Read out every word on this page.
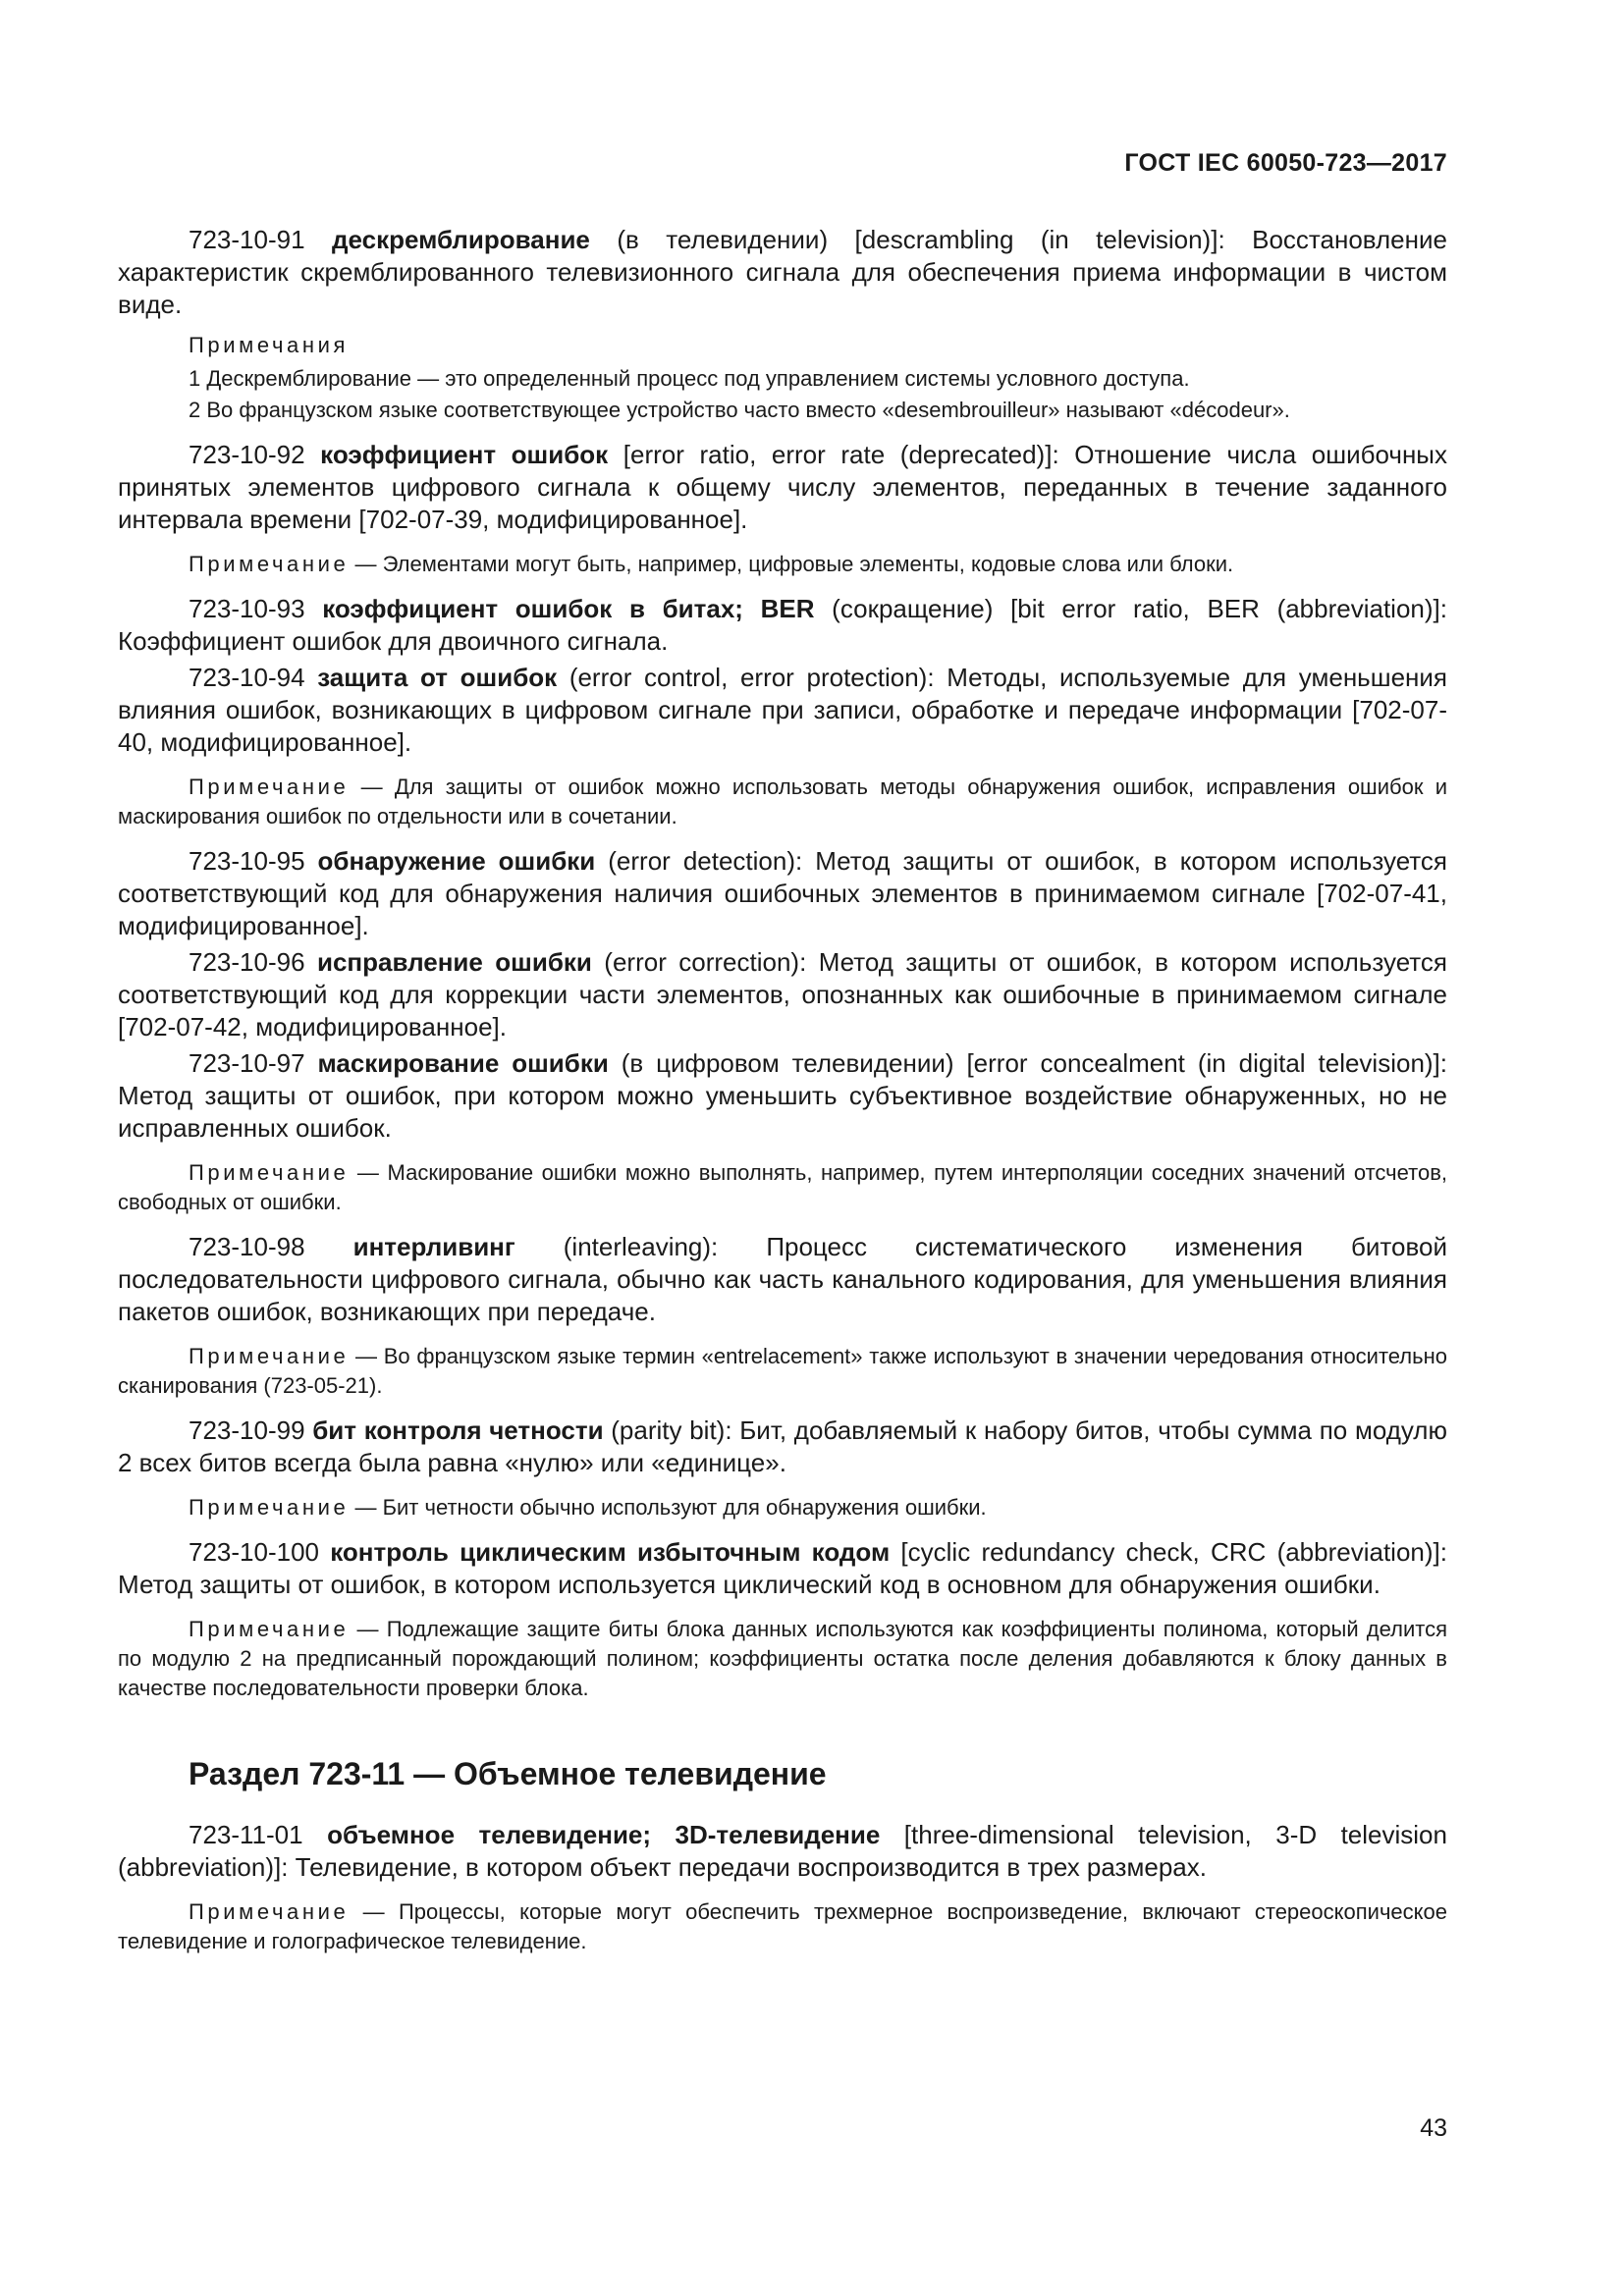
ГОСТ IEC 60050-723—2017

723-10-91 дескремблирование (в телевидении) [descrambling (in television)]: Восстановление характеристик скремблированного телевизионного сигнала для обеспечения приема информации в чистом виде.

Примечания

1 Дескремблирование — это определенный процесс под управлением системы условного доступа.

2 Во французском языке соответствующее устройство часто вместо «desembrouilleur» называют «décodeur».

723-10-92 коэффициент ошибок [error ratio, error rate (deprecated)]: Отношение числа ошибочных принятых элементов цифрового сигнала к общему числу элементов, переданных в течение заданного интервала времени [702-07-39, модифицированное].

Примечание — Элементами могут быть, например, цифровые элементы, кодовые слова или блоки.

723-10-93 коэффициент ошибок в битах; BER (сокращение) [bit error ratio, BER (abbreviation)]: Коэффициент ошибок для двоичного сигнала.

723-10-94 защита от ошибок (error control, error protection): Методы, используемые для уменьшения влияния ошибок, возникающих в цифровом сигнале при записи, обработке и передаче информации [702-07-40, модифицированное].

Примечание — Для защиты от ошибок можно использовать методы обнаружения ошибок, исправления ошибок и маскирования ошибок по отдельности или в сочетании.

723-10-95 обнаружение ошибки (error detection): Метод защиты от ошибок, в котором используется соответствующий код для обнаружения наличия ошибочных элементов в принимаемом сигнале [702-07-41, модифицированное].

723-10-96 исправление ошибки (error correction): Метод защиты от ошибок, в котором используется соответствующий код для коррекции части элементов, опознанных как ошибочные в принимаемом сигнале [702-07-42, модифицированное].

723-10-97 маскирование ошибки (в цифровом телевидении) [error concealment (in digital television)]: Метод защиты от ошибок, при котором можно уменьшить субъективное воздействие обнаруженных, но не исправленных ошибок.

Примечание — Маскирование ошибки можно выполнять, например, путем интерполяции соседних значений отсчетов, свободных от ошибки.

723-10-98 интерливинг (interleaving): Процесс систематического изменения битовой последовательности цифрового сигнала, обычно как часть канального кодирования, для уменьшения влияния пакетов ошибок, возникающих при передаче.

Примечание — Во французском языке термин «entrelacement» также используют в значении чередования относительно сканирования (723-05-21).

723-10-99 бит контроля четности (parity bit): Бит, добавляемый к набору битов, чтобы сумма по модулю 2 всех битов всегда была равна «нулю» или «единице».

Примечание — Бит четности обычно используют для обнаружения ошибки.

723-10-100 контроль циклическим избыточным кодом [cyclic redundancy check, CRC (abbreviation)]: Метод защиты от ошибок, в котором используется циклический код в основном для обнаружения ошибки.

Примечание — Подлежащие защите биты блока данных используются как коэффициенты полинома, который делится по модулю 2 на предписанный порождающий полином; коэффициенты остатка после деления добавляются к блоку данных в качестве последовательности проверки блока.

Раздел 723-11 — Объемное телевидение

723-11-01 объемное телевидение; 3D-телевидение [three-dimensional television, 3-D television (abbreviation)]: Телевидение, в котором объект передачи воспроизводится в трех размерах.

Примечание — Процессы, которые могут обеспечить трехмерное воспроизведение, включают стереоскопическое телевидение и голографическое телевидение.

43
